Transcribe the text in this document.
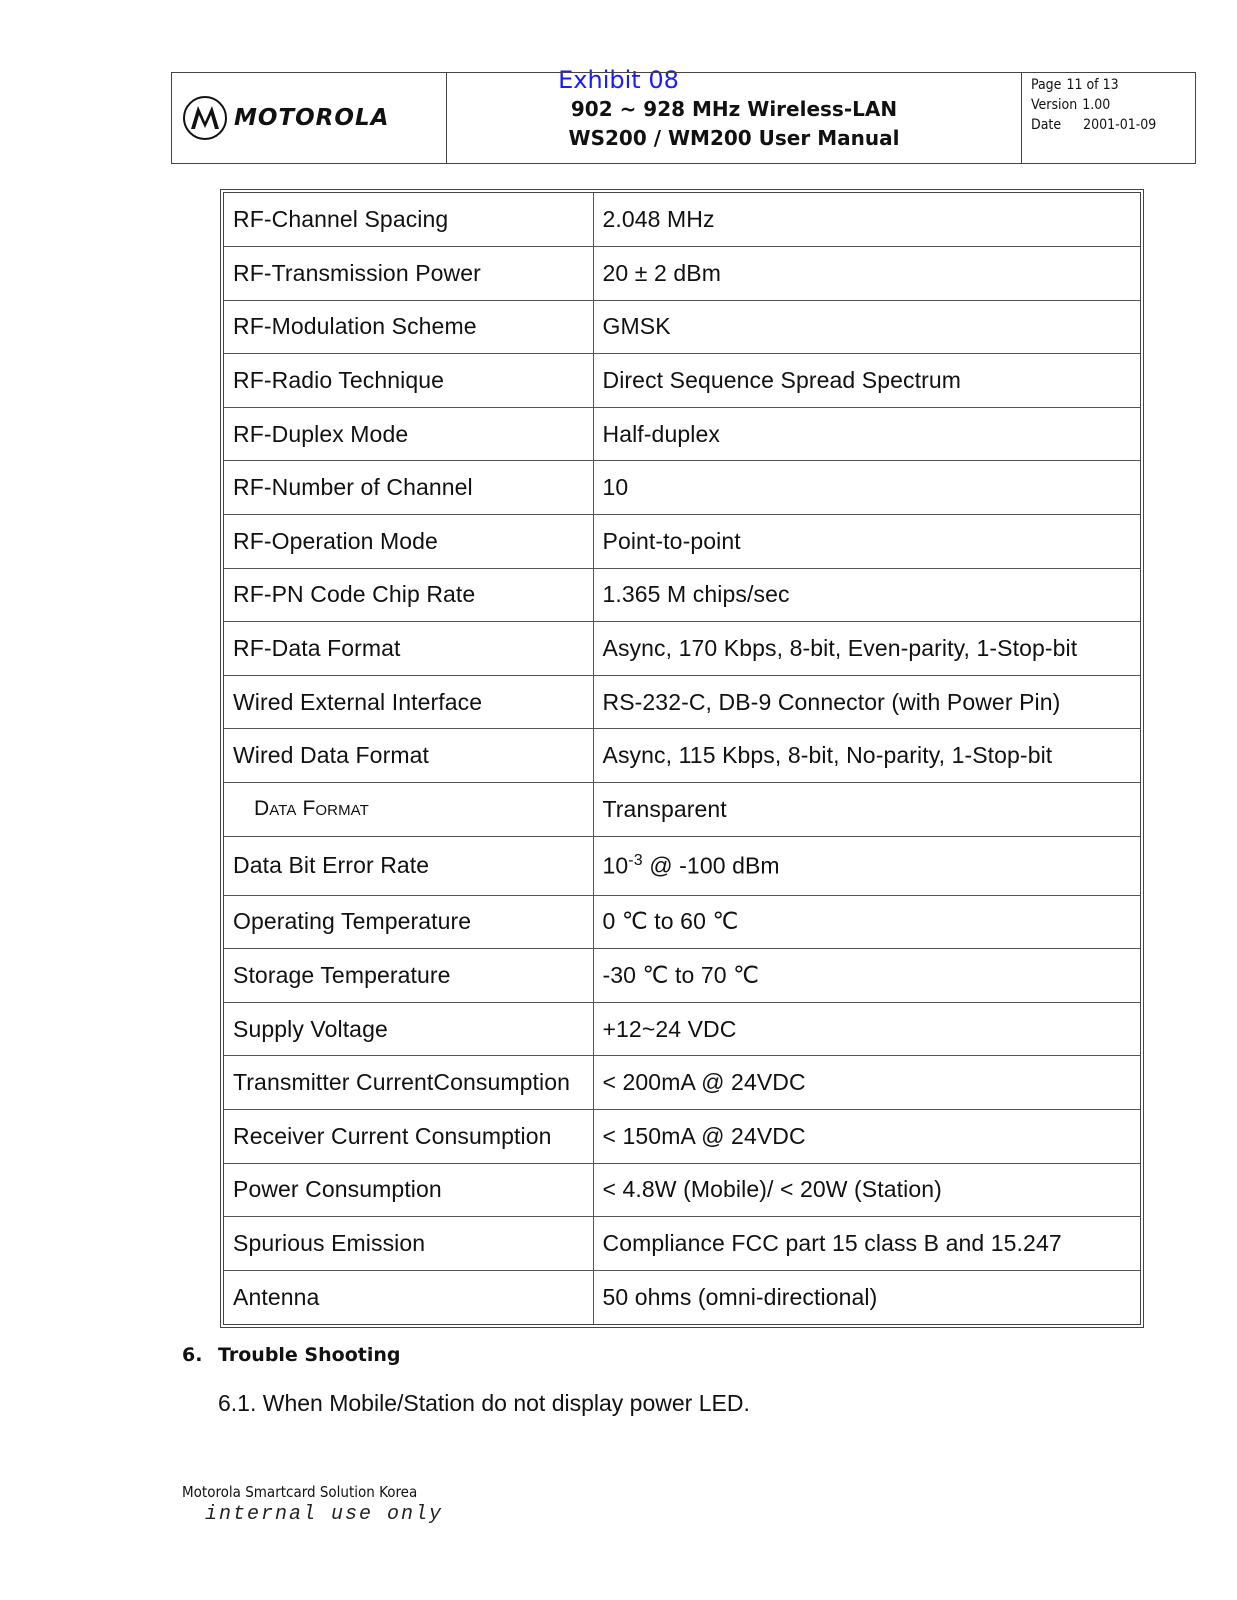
Exhibit 08
MOTOROLA	902 ~ 928 MHz Wireless-LAN
WS200 / WM200 User Manual
Page 11 of 13
Version 1.00
Date 2001-01-09
RF-Channel Spacing	2.048 MHz
RF-Transmission Power	20 ± 2 dBm
RF-Modulation Scheme	GMSK
RF-Radio Technique	Direct Sequence Spread Spectrum
RF-Duplex Mode	Half-duplex
RF-Number of Channel	10
RF-Operation Mode	Point-to-point
RF-PN Code Chip Rate	1.365 M chips/sec
RF-Data Format	Async, 170 Kbps, 8-bit, Even-parity, 1-Stop-bit
Wired External Interface	RS-232-C, DB-9 Connector (with Power Pin)
Wired Data Format	Async, 115 Kbps, 8-bit, No-parity, 1-Stop-bit
Data Format	Transparent
Data Bit Error Rate	$10^{-3}$ @ -100 dBm
Operating Temperature	0 ℃ to 60 ℃
Storage Temperature	-30 ℃ to 70 ℃
Supply Voltage	+12~24 VDC
Transmitter CurrentConsumption	< 200mA @ 24VDC
Receiver Current Consumption	< 150mA @ 24VDC
Power Consumption	< 4.8W (Mobile)/ < 20W (Station)
Spurious Emission	Compliance FCC part 15 class B and 15.247
Antenna	50 ohms (omni-directional)
6. Trouble Shooting
6.1. When Mobile/Station do not display power LED.
Motorola Smartcard Solution Korea
internal use only
